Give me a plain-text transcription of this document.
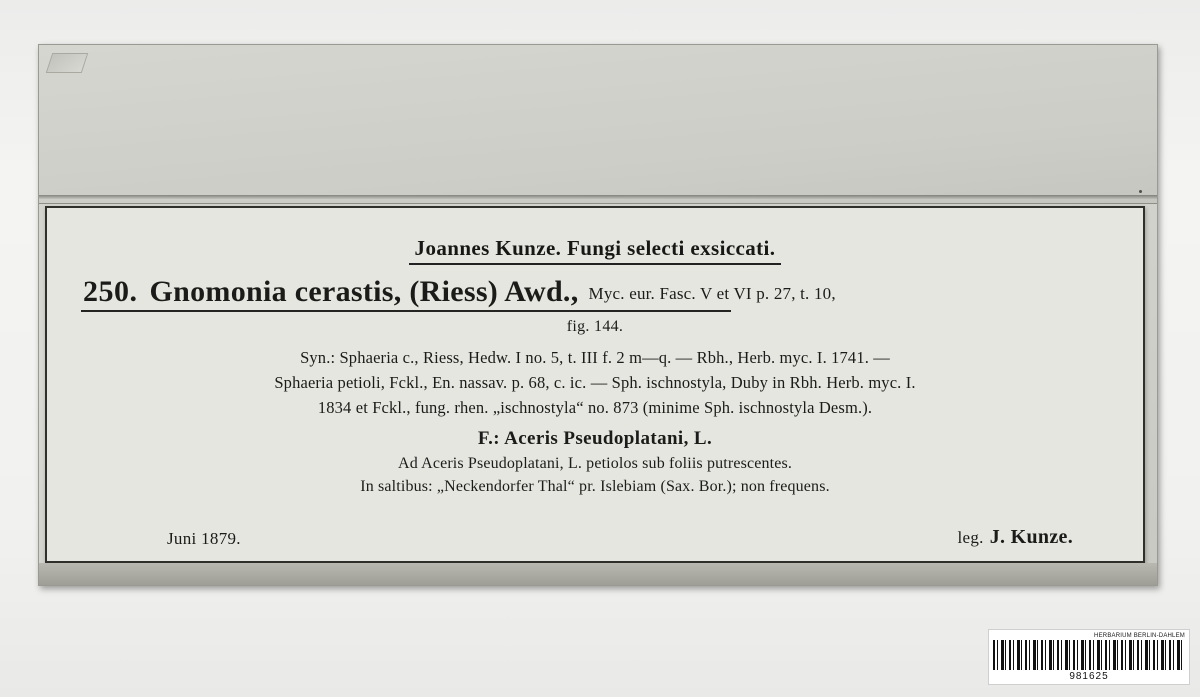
Joannes Kunze. Fungi selecti exsiccati.
250. Gnomonia cerastis, (Riess) Awd., Myc. eur. Fasc. V et VI p. 27, t. 10,
fig. 144.
Syn.: Sphaeria c., Riess, Hedw. I no. 5, t. III f. 2 m—q. — Rbh., Herb. myc. I. 1741. —
Sphaeria petioli, Fckl., En. nassav. p. 68, c. ic. — Sph. ischnostyla, Duby in Rbh. Herb. myc. I.
1834 et Fckl., fung. rhen. „ischnostyla“ no. 873 (minime Sph. ischnostyla Desm.).
F.: Aceris Pseudoplatani, L.
Ad Aceris Pseudoplatani, L. petiolos sub foliis putrescentes.
In saltibus: „Neckendorfer Thal“ pr. Islebiam (Sax. Bor.); non frequens.
Juni 1879.	leg. J. Kunze.
HERBARIUM BERLIN-DAHLEM
981625
